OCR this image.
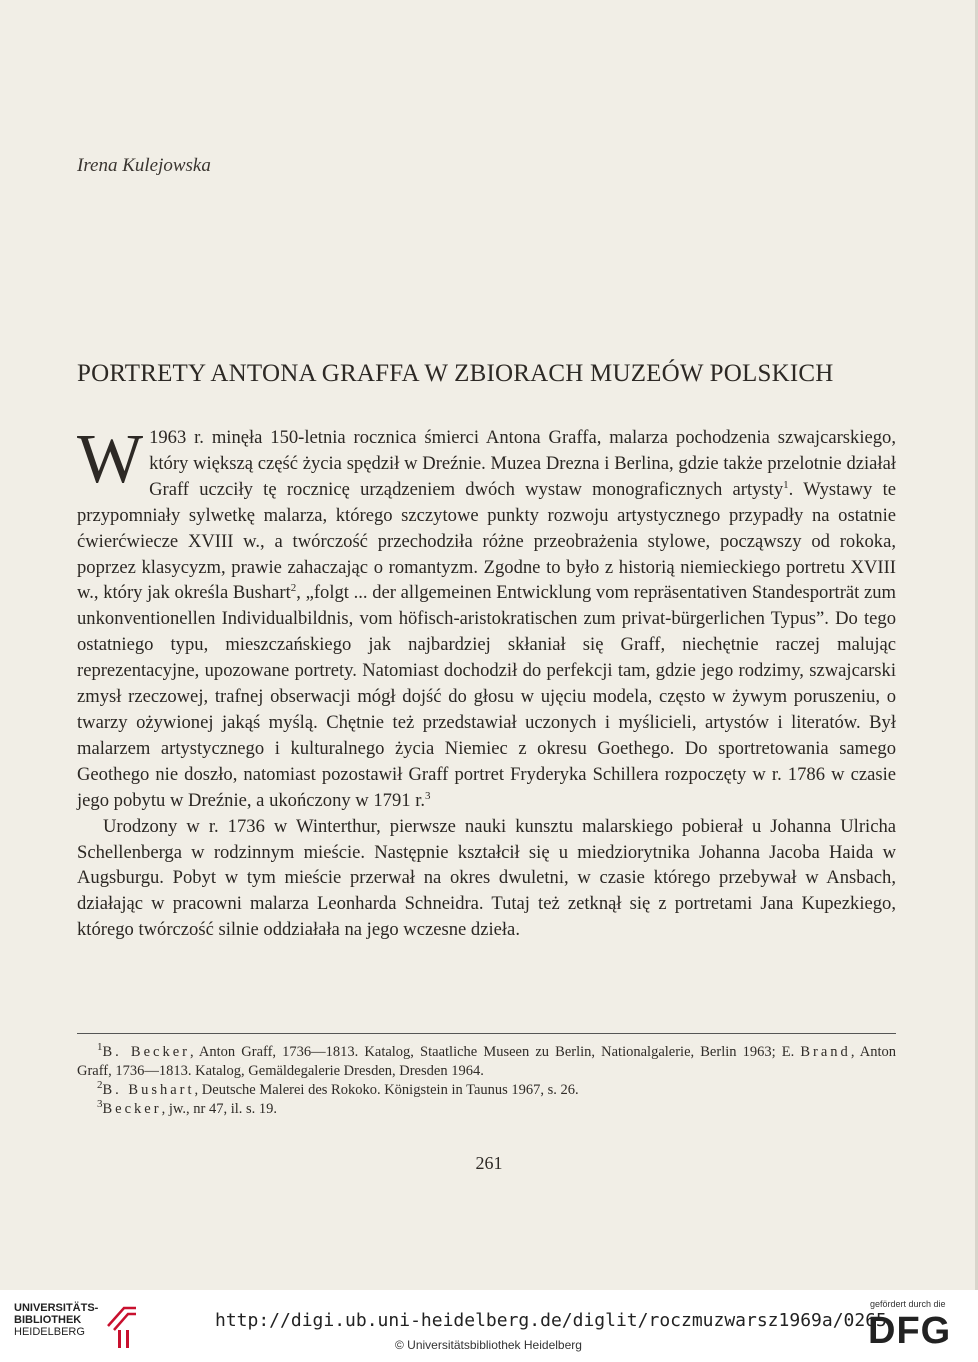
Irena Kulejowska
PORTRETY ANTONA GRAFFA W ZBIORACH MUZEÓW POLSKICH

W 1963 r. minęła 150-letnia rocznica śmierci Antona Graffa, malarza pochodzenia szwajcarskiego, który większą część życia spędził w Dreźnie. Muzea Drezna i Berlina, gdzie także przelotnie działał Graff uczciły tę rocznicę urządzeniem dwóch wystaw monograficznych artysty$^1$. Wystawy te przypomniały sylwetkę malarza, którego szczytowe punkty rozwoju artystycznego przypadły na ostatnie ćwierćwiecze XVIII w., a twórczość przechodziła różne przeobrażenia stylowe, począwszy od rokoka, poprzez klasycyzm, prawie zahaczając o romantyzm. Zgodne to było z historią niemieckiego portretu XVIII w., który jak określa Bushart$^2$, „folgt ... der allgemeinen Entwicklung vom repräsentativen Standesporträt zum unkonventionellen Individualbildnis, vom höfisch-aristokratischen zum privat-bürgerlichen Typus”. Do tego ostatniego typu, mieszczańskiego jak najbardziej skłaniał się Graff, niechętnie raczej malując reprezentacyjne, upozowane portrety. Natomiast dochodził do perfekcji tam, gdzie jego rodzimy, szwajcarski zmysł rzeczowej, trafnej obserwacji mógł dojść do głosu w ujęciu modela, często w żywym poruszeniu, o twarzy ożywionej jakąś myślą. Chętnie też przedstawiał uczonych i myślicieli, artystów i literatów. Był malarzem artystycznego i kulturalnego życia Niemiec z okresu Goethego. Do sportretowania samego Geothego nie doszło, natomiast pozostawił Graff portret Fryderyka Schillera rozpoczęty w r. 1786 w czasie jego pobytu w Dreźnie, a ukończony w 1791 r.$^3$

Urodzony w r. 1736 w Winterthur, pierwsze nauki kunsztu malarskiego pobierał u Johanna Ulricha Schellenberga w rodzinnym mieście. Następnie kształcił się u miedziorytnika Johanna Jacoba Haida w Augsburgu. Pobyt w tym mieście przerwał na okres dwuletni, w czasie którego przebywał w Ansbach, działając w pracowni malarza Leonharda Schneidra. Tutaj też zetknął się z portretami Jana Kupezkiego, którego twórczość silnie oddziałała na jego wczesne dzieła.

$^1$B. Becker, Anton Graff, 1736—1813. Katalog, Staatliche Museen zu Berlin, Nationalgalerie, Berlin 1963; E. Brand, Anton Graff, 1736—1813. Katalog, Gemäldegalerie Dresden, Dresden 1964.

$^2$B. Bushart, Deutsche Malerei des Rokoko. Königstein in Taunus 1967, s. 26.

$^3$Becker, jw., nr 47, il. s. 19.

261
UNIVERSITÄTS-
BIBLIOTHEK
HEIDELBERG
http://digi.ub.uni-heidelberg.de/diglit/roczmuzwarsz1969a/0265
© Universitätsbibliothek Heidelberg
gefördert durch die
DFG
